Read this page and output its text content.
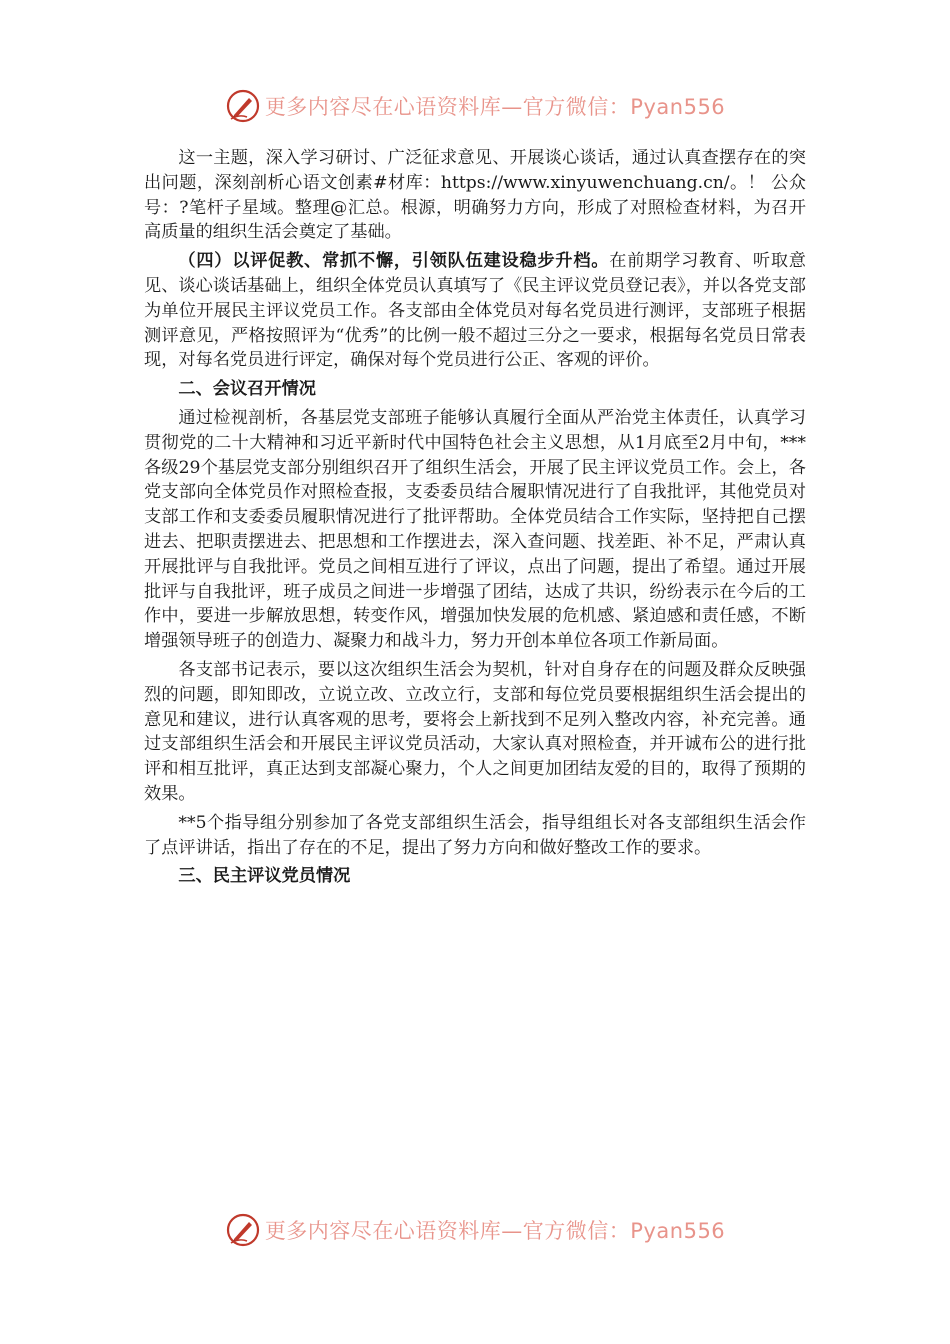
更多内容尽在心语资料库—官方微信：Pyan556

这一主题，深入学习研讨、广泛征求意见、开展谈心谈话，通过认真查摆存在的突出问题，深刻剖析心语文创素#材库：https://www.xinyuwenchuang.cn/。！ 公众号：?笔杆子星域。整理@汇总。根源，明确努力方向，形成了对照检查材料，为召开高质量的组织生活会奠定了基础。

（四）以评促教、常抓不懈，引领队伍建设稳步升档。在前期学习教育、听取意见、谈心谈话基础上，组织全体党员认真填写了《民主评议党员登记表》，并以各党支部为单位开展民主评议党员工作。各支部由全体党员对每名党员进行测评，支部班子根据测评意见，严格按照评为“优秀”的比例一般不超过三分之一要求，根据每名党员日常表现，对每名党员进行评定，确保对每个党员进行公正、客观的评价。

二、会议召开情况

通过检视剖析，各基层党支部班子能够认真履行全面从严治党主体责任，认真学习贯彻党的二十大精神和习近平新时代中国特色社会主义思想，从1月底至2月中旬，***各级29个基层党支部分别组织召开了组织生活会，开展了民主评议党员工作。会上，各党支部向全体党员作对照检查报，支委委员结合履职情况进行了自我批评，其他党员对支部工作和支委委员履职情况进行了批评帮助。全体党员结合工作实际，坚持把自己摆进去、把职责摆进去、把思想和工作摆进去，深入查问题、找差距、补不足，严肃认真开展批评与自我批评。党员之间相互进行了评议，点出了问题，提出了希望。通过开展批评与自我批评，班子成员之间进一步增强了团结，达成了共识，纷纷表示在今后的工作中，要进一步解放思想，转变作风，增强加快发展的危机感、紧迫感和责任感，不断增强领导班子的创造力、凝聚力和战斗力，努力开创本单位各项工作新局面。

各支部书记表示，要以这次组织生活会为契机，针对自身存在的问题及群众反映强烈的问题，即知即改，立说立改、立改立行，支部和每位党员要根据组织生活会提出的意见和建议，进行认真客观的思考，要将会上新找到不足列入整改内容，补充完善。通过支部组织生活会和开展民主评议党员活动，大家认真对照检查，并开诚布公的进行批评和相互批评，真正达到支部凝心聚力，个人之间更加团结友爱的目的，取得了预期的效果。

**5个指导组分别参加了各党支部组织生活会，指导组组长对各支部组织生活会作了点评讲话，指出了存在的不足，提出了努力方向和做好整改工作的要求。

三、民主评议党员情况

更多内容尽在心语资料库—官方微信：Pyan556
